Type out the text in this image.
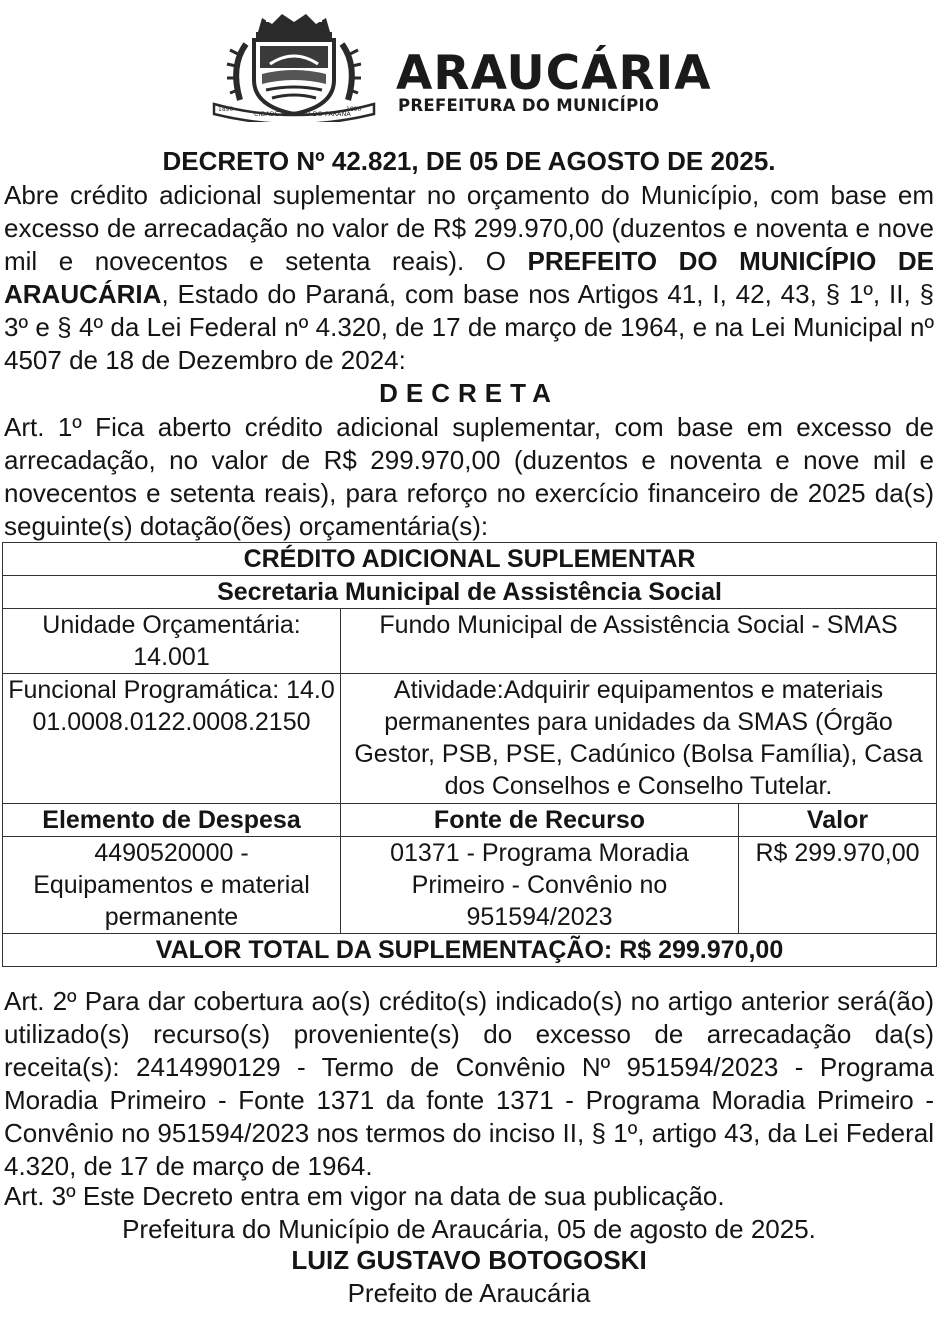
1890	1890
CIDADE SÍMBOLO DO PARANÁ
ARAUCÁRIA
PREFEITURA DO MUNICÍPIO
DECRETO Nº 42.821, DE 05 DE AGOSTO DE 2025.
Abre crédito adicional suplementar no orçamento do Município, com base em excesso de arrecadação no valor de R$ 299.970,00 (duzentos e noventa e nove mil e novecentos e setenta reais). O PREFEITO DO MUNICÍPIO DE ARAUCÁRIA, Estado do Paraná, com base nos Artigos 41, I, 42, 43, § 1º, II, § 3º e § 4º da Lei Federal nº 4.320, de 17 de março de 1964, e na Lei Municipal nº 4507 de 18 de Dezembro de 2024:
DECRETA
Art. 1º Fica aberto crédito adicional suplementar, com base em excesso de arrecadação, no valor de R$ 299.970,00 (duzentos e noventa e nove mil e novecentos e setenta reais), para reforço no exercício financeiro de 2025 da(s) seguinte(s) dotação(ões) orçamentária(s):
CRÉDITO ADICIONAL SUPLEMENTAR		
Secretaria Municipal de Assistência Social		
Unidade Orçamentária: 14.001	Fundo Municipal de Assistência Social - SMAS	
Funcional Programática: 14.001.0008.0122.0008.2150	Atividade:Adquirir equipamentos e materiais permanentes para unidades da SMAS (Órgão Gestor, PSB, PSE, Cadúnico (Bolsa Família), Casa dos Conselhos e Conselho Tutelar.	
Elemento de Despesa	Fonte de Recurso	Valor
4490520000 - Equipamentos e material permanente	01371 - Programa Moradia Primeiro - Convênio no 951594/2023	R$ 299.970,00
VALOR TOTAL DA SUPLEMENTAÇÃO: R$ 299.970,00		
Art. 2º Para dar cobertura ao(s) crédito(s) indicado(s) no artigo anterior será(ão) utilizado(s) recurso(s) proveniente(s) do excesso de arrecadação da(s) receita(s): 2414990129 - Termo de Convênio Nº 951594/2023 - Programa Moradia Primeiro - Fonte 1371 da fonte 1371 - Programa Moradia Primeiro - Convênio no 951594/2023 nos termos do inciso II, § 1º, artigo 43, da Lei Federal 4.320, de 17 de março de 1964.
Art. 3º Este Decreto entra em vigor na data de sua publicação.
Prefeitura do Município de Araucária, 05 de agosto de 2025.
LUIZ GUSTAVO BOTOGOSKI
Prefeito de Araucária
